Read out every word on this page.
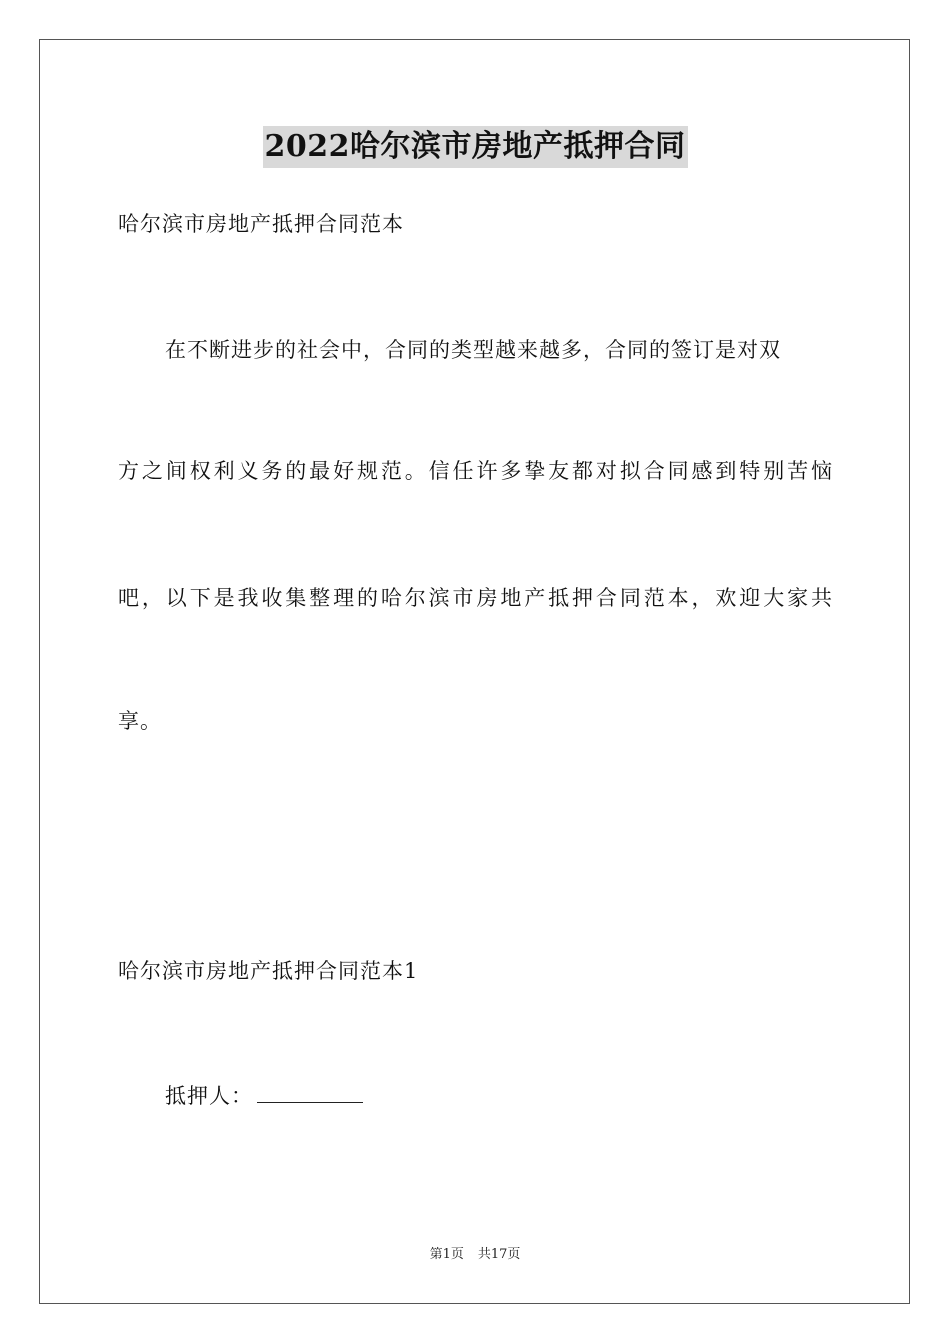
2022哈尔滨市房地产抵押合同
哈尔滨市房地产抵押合同范本
在不断进步的社会中，合同的类型越来越多，合同的签订是对双
方之间权利义务的最好规范。信任许多挚友都对拟合同感到特别苦恼
吧，以下是我收集整理的哈尔滨市房地产抵押合同范本，欢迎大家共
享。
哈尔滨市房地产抵押合同范本1
抵押人：
第1页 共17页
